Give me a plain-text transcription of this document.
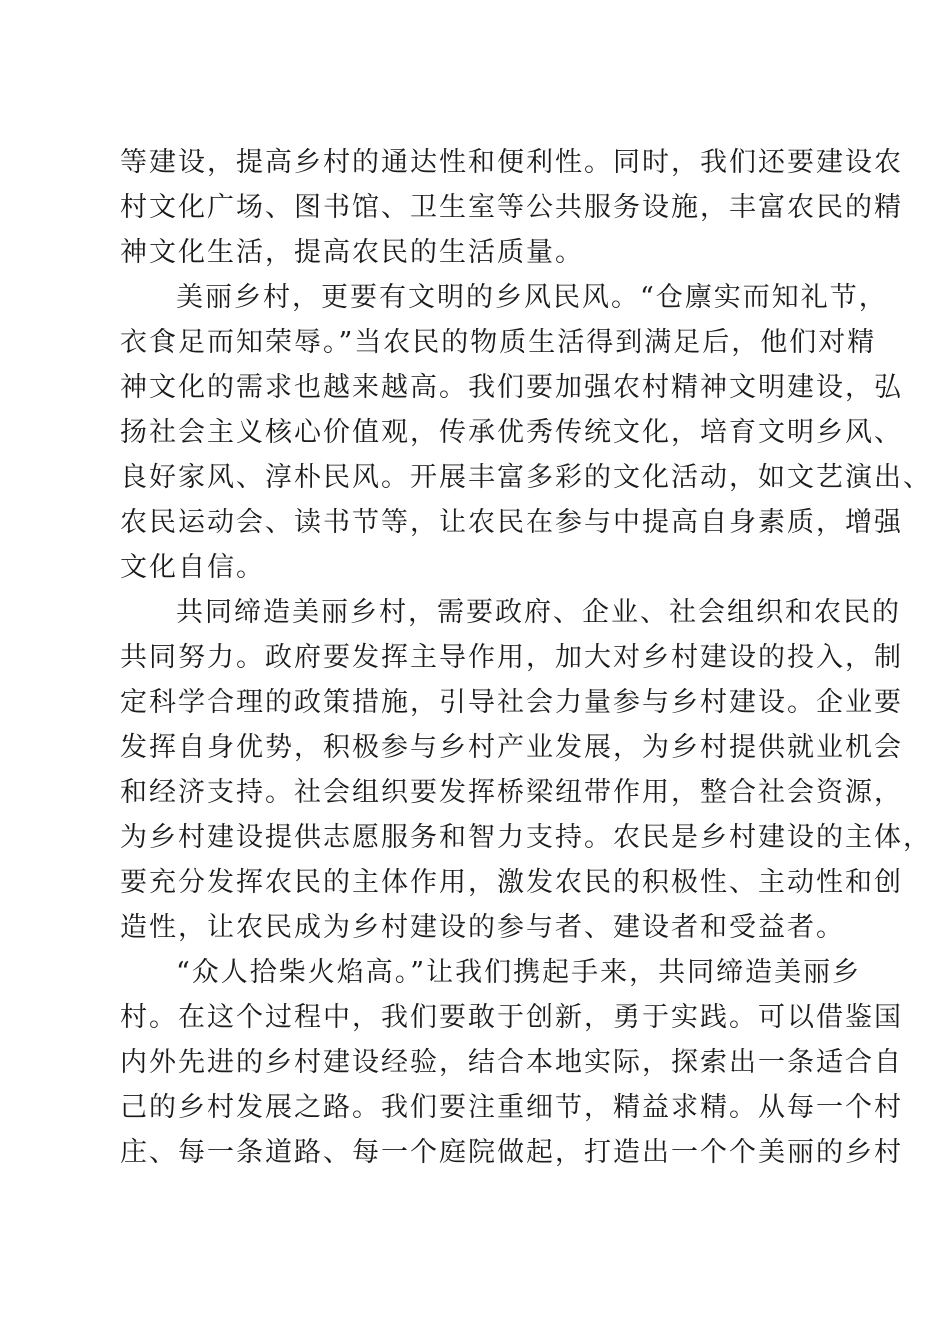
等建设，提高乡村的通达性和便利性。同时，我们还要建设农
村文化广场、图书馆、卫生室等公共服务设施，丰富农民的精
神文化生活，提高农民的生活质量。
美丽乡村，更要有文明的乡风民风。“仓廪实而知礼节，
衣食足而知荣辱。”当农民的物质生活得到满足后，他们对精
神文化的需求也越来越高。我们要加强农村精神文明建设，弘
扬社会主义核心价值观，传承优秀传统文化，培育文明乡风、
良好家风、淳朴民风。开展丰富多彩的文化活动，如文艺演出、
农民运动会、读书节等，让农民在参与中提高自身素质，增强
文化自信。
共同缔造美丽乡村，需要政府、企业、社会组织和农民的
共同努力。政府要发挥主导作用，加大对乡村建设的投入，制
定科学合理的政策措施，引导社会力量参与乡村建设。企业要
发挥自身优势，积极参与乡村产业发展，为乡村提供就业机会
和经济支持。社会组织要发挥桥梁纽带作用，整合社会资源，
为乡村建设提供志愿服务和智力支持。农民是乡村建设的主体，
要充分发挥农民的主体作用，激发农民的积极性、主动性和创
造性，让农民成为乡村建设的参与者、建设者和受益者。
“众人拾柴火焰高。”让我们携起手来，共同缔造美丽乡
村。在这个过程中，我们要敢于创新，勇于实践。可以借鉴国
内外先进的乡村建设经验，结合本地实际，探索出一条适合自
己的乡村发展之路。我们要注重细节，精益求精。从每一个村
庄、每一条道路、每一个庭院做起，打造出一个个美丽的乡村
